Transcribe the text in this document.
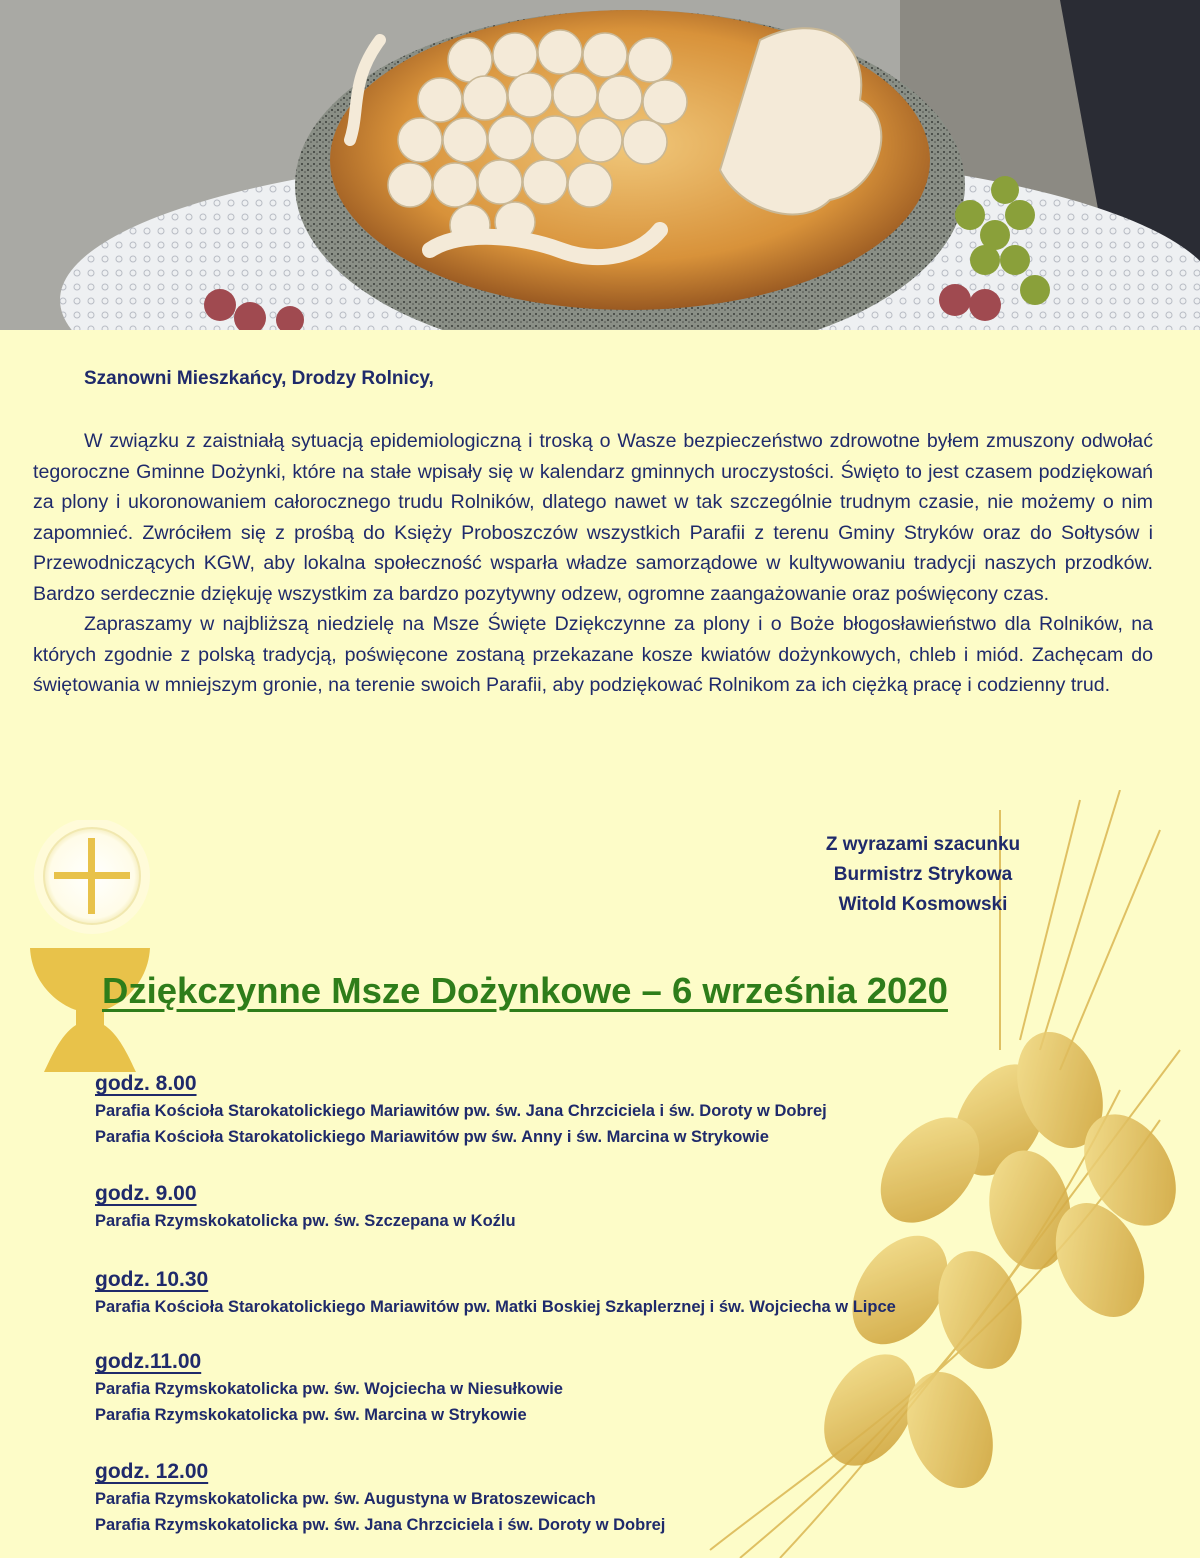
Szanowni Mieszkańcy, Drodzy Rolnicy,

W związku z zaistniałą sytuacją epidemiologiczną i troską o Wasze bezpieczeństwo zdrowotne byłem zmuszony odwołać tegoroczne Gminne Dożynki, które na stałe wpisały się w kalendarz gminnych uroczystości. Święto to jest czasem podziękowań za plony i ukoronowaniem całorocznego trudu Rolników, dlatego nawet w tak szczególnie trudnym czasie, nie możemy o nim zapomnieć. Zwróciłem się z prośbą do Księży Proboszczów wszystkich Parafii z terenu Gminy Stryków oraz do Sołtysów i Przewodniczących KGW, aby lokalna społeczność wsparła władze samorządowe w kultywowaniu tradycji naszych przodków. Bardzo serdecznie dziękuję wszystkim za bardzo pozytywny odzew, ogromne zaangażowanie oraz poświęcony czas.

Zapraszamy w najbliższą niedzielę na Msze Święte Dziękczynne za plony i o Boże błogosławieństwo dla Rolników, na których zgodnie z polską tradycją, poświęcone zostaną przekazane kosze kwiatów dożynkowych, chleb i miód. Zachęcam do świętowania w mniejszym gronie, na terenie swoich Parafii, aby podziękować Rolnikom za ich ciężką pracę i codzienny trud.

Z wyrazami szacunku
Burmistrz Strykowa
Witold Kosmowski
Dziękczynne Msze Dożynkowe – 6 września 2020
godz. 8.00
Parafia Kościoła Starokatolickiego Mariawitów pw. św. Jana Chrzciciela i św. Doroty w Dobrej
Parafia Kościoła Starokatolickiego Mariawitów pw św. Anny i św. Marcina w Strykowie
godz. 9.00
Parafia Rzymskokatolicka pw. św. Szczepana w Koźlu
godz. 10.30
Parafia Kościoła Starokatolickiego Mariawitów pw. Matki Boskiej Szkaplerznej i św. Wojciecha w Lipce
godz.11.00
Parafia Rzymskokatolicka pw. św. Wojciecha w Niesułkowie
Parafia Rzymskokatolicka pw. św. Marcina w Strykowie
godz. 12.00
Parafia Rzymskokatolicka pw. św. Augustyna w Bratoszewicach
Parafia Rzymskokatolicka pw. św. Jana Chrzciciela i św. Doroty w Dobrej
